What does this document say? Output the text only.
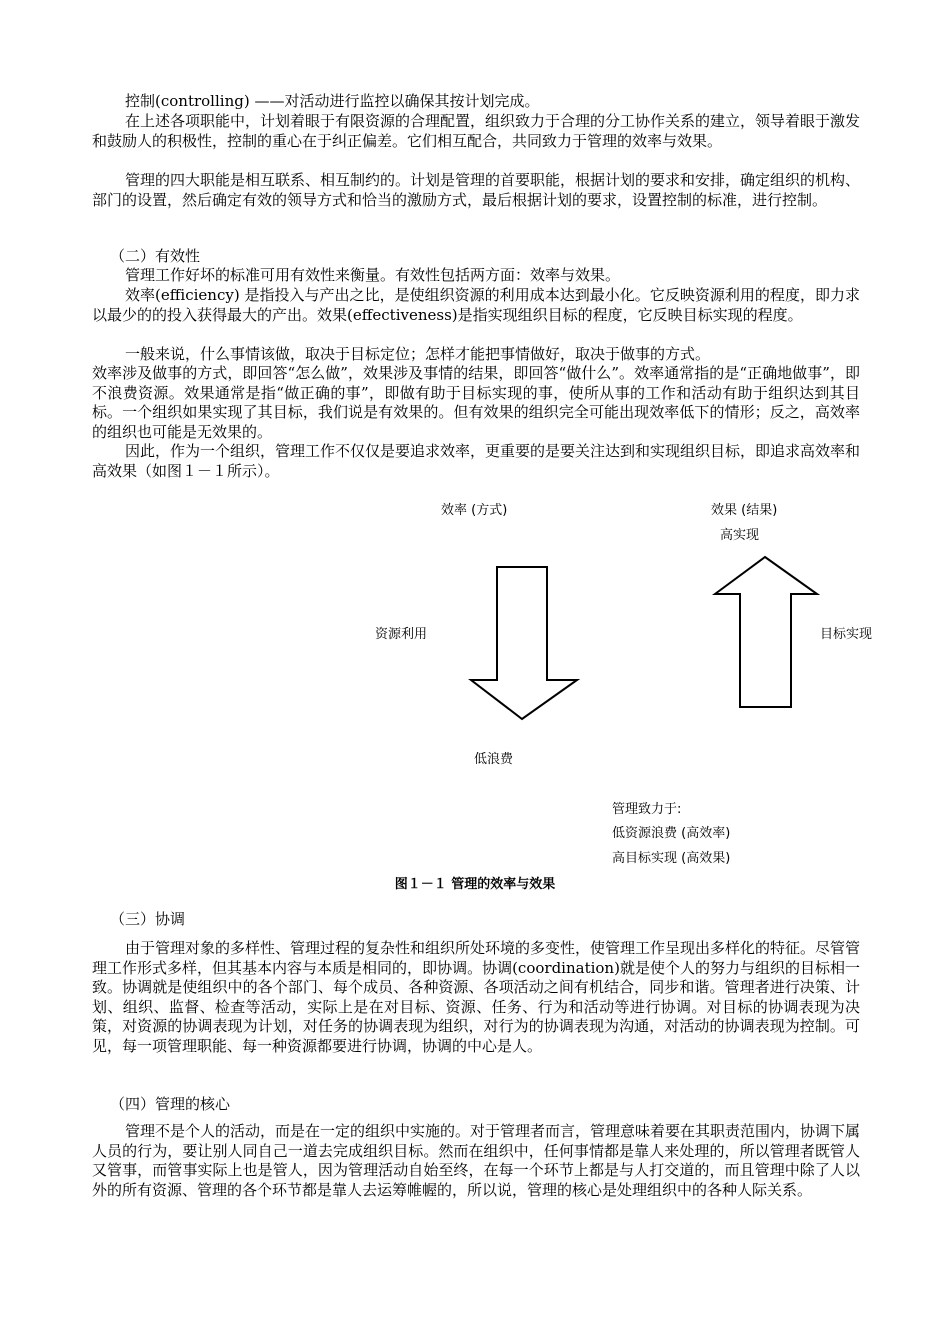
控制(controlling) ——对活动进行监控以确保其按计划完成。

在上述各项职能中，计划着眼于有限资源的合理配置，组织致力于合理的分工协作关系的建立，领导着眼于激发和鼓励人的积极性，控制的重心在于纠正偏差。它们相互配合，共同致力于管理的效率与效果。

管理的四大职能是相互联系、相互制约的。计划是管理的首要职能，根据计划的要求和安排，确定组织的机构、部门的设置，然后确定有效的领导方式和恰当的激励方式，最后根据计划的要求，设置控制的标准，进行控制。

（二）有效性

管理工作好坏的标准可用有效性来衡量。有效性包括两方面：效率与效果。

效率(efficiency) 是指投入与产出之比，是使组织资源的利用成本达到最小化。它反映资源利用的程度，即力求以最少的的投入获得最大的产出。效果(effectiveness)是指实现组织目标的程度，它反映目标实现的程度。

一般来说，什么事情该做，取决于目标定位；怎样才能把事情做好，取决于做事的方式。

效率涉及做事的方式，即回答“怎么做”，效果涉及事情的结果，即回答“做什么”。效率通常指的是“正确地做事”，即不浪费资源。效果通常是指“做正确的事”，即做有助于目标实现的事，使所从事的工作和活动有助于组织达到其目标。一个组织如果实现了其目标，我们说是有效果的。但有效果的组织完全可能出现效率低下的情形；反之，高效率的组织也可能是无效果的。

因此，作为一个组织，管理工作不仅仅是要追求效率，更重要的是要关注达到和实现组织目标，即追求高效率和高效果（如图１－１所示）。

效率 (方式)	效果 (结果)
高实现
资源利用	目标实现
低浪费
管理致力于:
低资源浪费 (高效率)
高目标实现 (高效果)
图１－１ 管理的效率与效果

（三）协调

由于管理对象的多样性、管理过程的复杂性和组织所处环境的多变性，使管理工作呈现出多样化的特征。尽管管理工作形式多样，但其基本内容与本质是相同的，即协调。协调(coordination)就是使个人的努力与组织的目标相一致。协调就是使组织中的各个部门、每个成员、各种资源、各项活动之间有机结合，同步和谐。管理者进行决策、计划、组织、监督、检查等活动，实际上是在对目标、资源、任务、行为和活动等进行协调。对目标的协调表现为决策，对资源的协调表现为计划，对任务的协调表现为组织，对行为的协调表现为沟通，对活动的协调表现为控制。可见，每一项管理职能、每一种资源都要进行协调，协调的中心是人。

（四）管理的核心

管理不是个人的活动，而是在一定的组织中实施的。对于管理者而言，管理意味着要在其职责范围内，协调下属人员的行为，要让别人同自己一道去完成组织目标。然而在组织中，任何事情都是靠人来处理的，所以管理者既管人又管事，而管事实际上也是管人，因为管理活动自始至终，在每一个环节上都是与人打交道的，而且管理中除了人以外的所有资源、管理的各个环节都是靠人去运筹帷幄的，所以说，管理的核心是处理组织中的各种人际关系。
